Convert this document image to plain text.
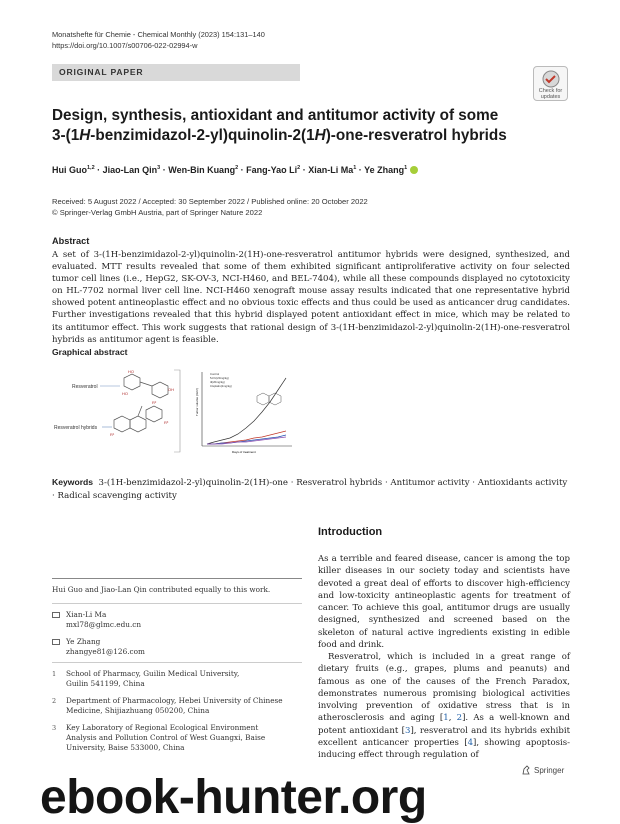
Monatshefte für Chemie - Chemical Monthly (2023) 154:131–140
https://doi.org/10.1007/s00706-022-02994-w
ORIGINAL PAPER
Check for
updates
Design, synthesis, antioxidant and antitumor activity of some
3-(1H-benzimidazol-2-yl)quinolin-2(1H)-one-resveratrol hybrids
Hui Guo$^{1,2}$ · Jiao-Lan Qin$^3$ · Wen-Bin Kuang$^2$ · Fang-Yao $Li^2$ · Xian-Li $Ma^1 \cdot Ye$ Zhang$^1$
Received: 5 August 2022 / Accepted: 30 September 2022 / Published online: 20 October 2022
© Springer-Verlag GmbH Austria, part of Springer Nature 2022
Abstract
A set of 3-(1H-benzimidazol-2-yl)quinolin-2(1H)-one-resveratrol antitumor hybrids were designed, synthesized, and evaluated. MTT results revealed that some of them exhibited significant antiproliferative activity on four selected tumor cell lines (i.e., HepG2, SK-OV-3, NCI-H460, and BEL-7404), while all these compounds displayed no cytotoxicity on HL-7702 normal liver cell line. NCI-H460 xenograft mouse assay results indicated that one representative hybrid showed potent antineoplastic effect and no obvious toxic effects and thus could be used as anticancer drug candidates. Further investigations revealed that this hybrid displayed potent antioxidant effect in mice, which may be related to its antitumor effect. This work suggests that rational design of 3-(1H-benzimidazol-2-yl)quinolin-2(1H)-one-resveratrol hybrids as antitumor agent is feasible.
Graphical abstract
HO
OH
HO
R¹
R²
R³
Resveratrol
Resveratrol hybrids
Tumor volume (mm³)
Days of treatment
Control
5-FU(20mg/kg)
4l(20mg/kg)
Cisplatin(2mg/kg)
Keywords 3-(1H-benzimidazol-2-yl)quinolin-2(1H)-one · Resveratrol hybrids · Antitumor activity · Antioxidants activity · Radical scavenging activity
Hui Guo and Jiao-Lan Qin contributed equally to this work.
Xian-Li Ma
mxl78@glmc.edu.cn
Ye Zhang
zhangye81@126.com
1	School of Pharmacy, Guilin Medical University,
Guilin 541199, China
2	Department of Pharmacology, Hebei University of Chinese
Medicine, Shijiazhuang 050200, China
3	Key Laboratory of Regional Ecological Environment
Analysis and Pollution Control of West Guangxi, Baise
University, Baise 533000, China
Introduction

As a terrible and feared disease, cancer is among the top killer diseases in our society today and scientists have devoted a great deal of efforts to discover high-efficiency and low-toxicity antineoplastic agents for treatment of cancer. To achieve this goal, antitumor drugs are usually designed, synthesized and screened based on the skeleton of natural active ingredients existing in edible food and drink.

Resveratrol, which is included in a great range of dietary fruits (e.g., grapes, plums and peanuts) and famous as one of the causes of the French Paradox, demonstrates numerous promising biological activities involving prevention of oxidative stress that is in atherosclerosis and aging [1, 2]. As a well-known and potent antioxidant [3], resveratrol and its hybrids exhibit excellent anticancer properties [4], showing apoptosis-inducing effect through regulation of

Springer
ebook-hunter.org
